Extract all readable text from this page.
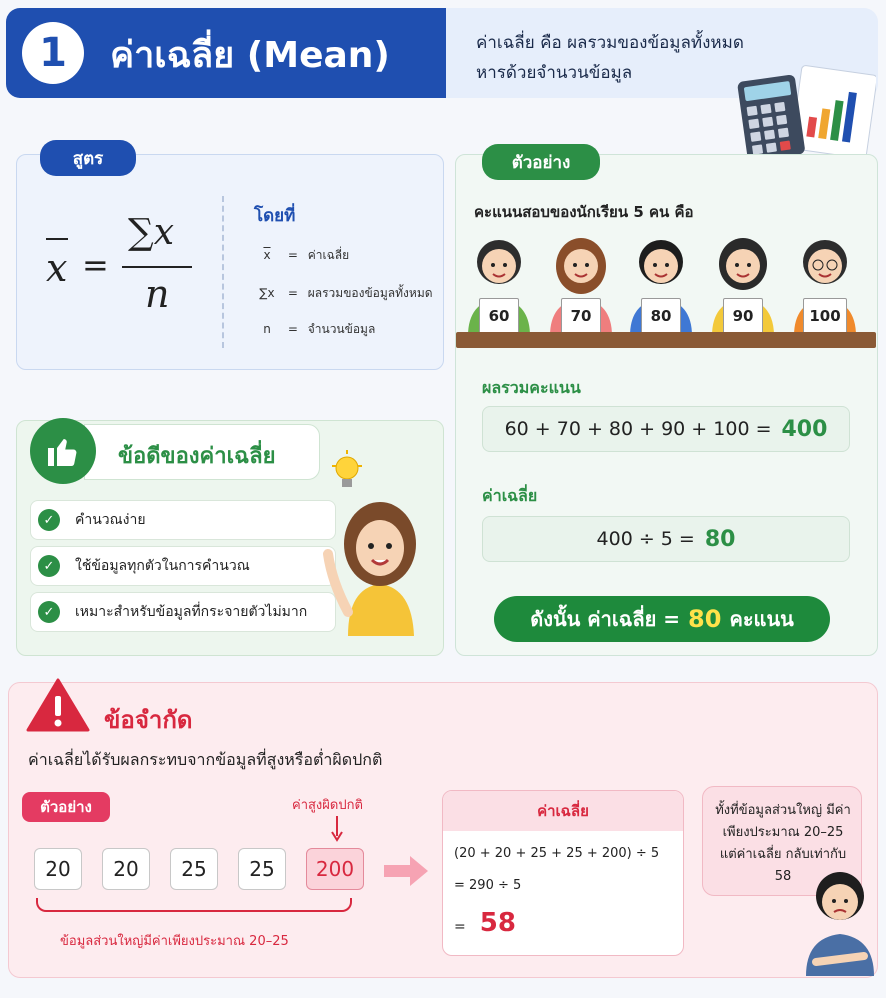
1	ค่าเฉลี่ย (Mean)	ค่าเฉลี่ย คือ ผลรวมของข้อมูลทั้งหมด
หารด้วยจำนวนข้อมูล
สูตร
x =
∑x
n
โดยที่
$\overline{x}$ = ค่าเฉลี่ย
∑x = ผลรวมของข้อมูลทั้งหมด
n = จำนวนข้อมูล
ข้อดีของค่าเฉลี่ย
คำนวณง่าย
✓
ใช้ข้อมูลทุกตัวในการคำนวณ
✓
เหมาะสำหรับข้อมูลที่กระจายตัวไม่มาก
✓
ตัวอย่าง
คะแนนสอบของนักเรียน 5 คน คือ
60	70	80	90	100
ผลรวมคะแนน
60 + 70 + 80 + 90 + 100 = 400
ค่าเฉลี่ย
400 ÷ 5 = 80
ดังนั้น ค่าเฉลี่ย = 80 คะแนน
ข้อจำกัด
ค่าเฉลี่ยได้รับผลกระทบจากข้อมูลที่สูงหรือต่ำผิดปกติ
ตัวอย่าง	ค่าสูงผิดปกติ
20	20	25	25	200
ข้อมูลส่วนใหญ่มีค่าเพียงประมาณ 20–25
ค่าเฉลี่ย
(20 + 20 + 25 + 25 + 200) ÷ 5
= 290 ÷ 5
= 58
ทั้งที่ข้อมูลส่วนใหญ่ มีค่าเพียงประมาณ 20–25 แต่ค่าเฉลี่ย กลับเท่ากับ 58
